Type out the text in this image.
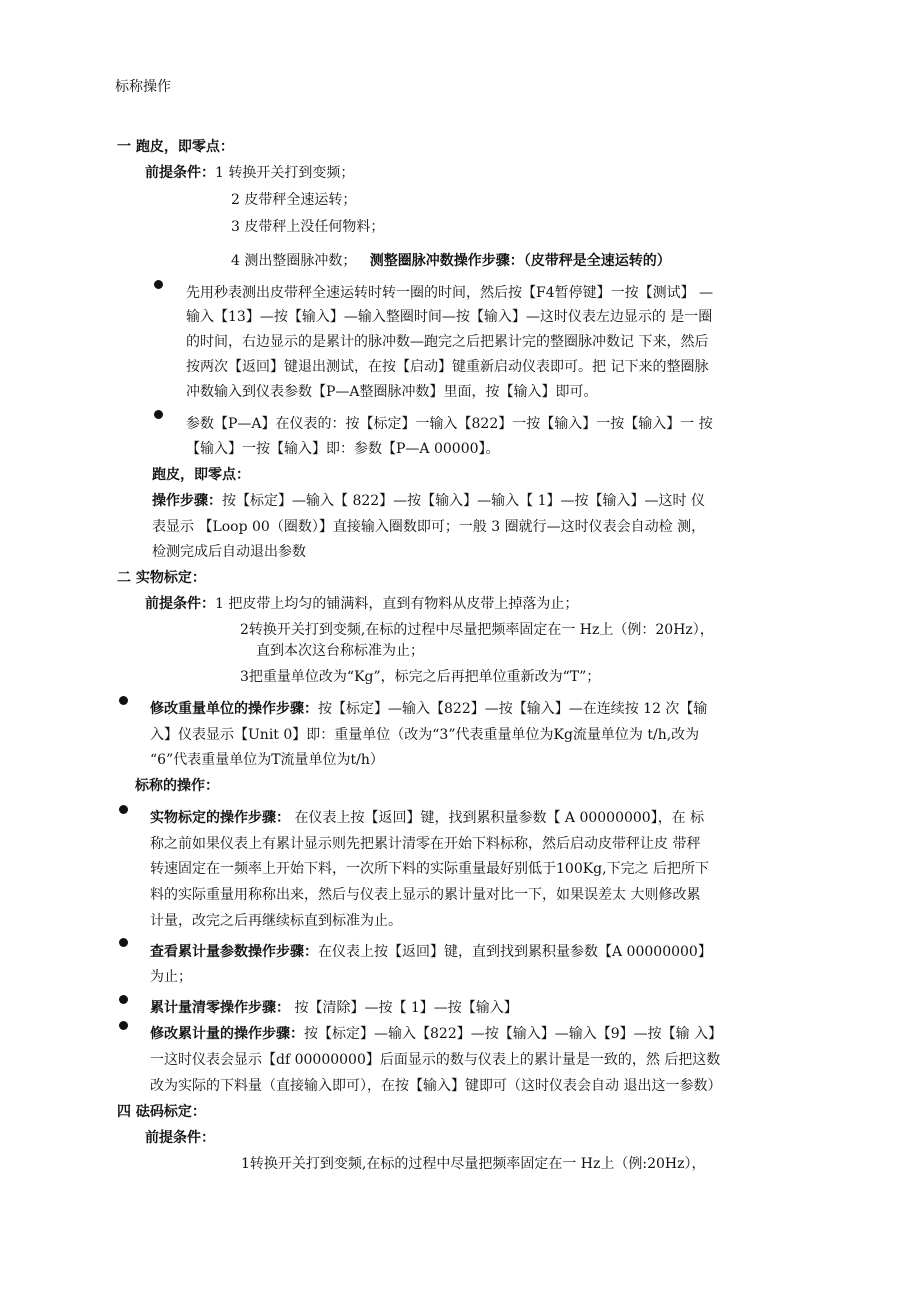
标称操作
一 跑皮，即零点：
前提条件：1 转换开关打到变频；
2 皮带秤全速运转；
3 皮带秤上没任何物料；
4 测出整圈脉冲数； 测整圈脉冲数操作步骤：（皮带秤是全速运转的）
先用秒表测出皮带秤全速运转时转一圈的时间，然后按【F4暂停键】一按【测试】 —
输入【13】—按【输入】—输入整圈时间—按【输入】—这时仪表左边显示的 是一圈
的时间，右边显示的是累计的脉冲数—跑完之后把累计完的整圈脉冲数记 下来，然后
按两次【返回】键退出测试，在按【启动】键重新启动仪表即可。把 记下来的整圈脉
冲数输入到仪表参数【P—A整圈脉冲数】里面，按【输入】即可。
参数【P—A】在仪表的：按【标定】一输入【822】一按【输入】一按【输入】一 按
【输入】一按【输入】即：参数【P—A 00000】。
跑皮，即零点：
操作步骤：按【标定】—输入【 822】—按【输入】—输入【 1】—按【输入】—这时 仪
表显示 【Loop 00（圈数）】直接输入圈数即可；一般 3 圈就行—这时仪表会自动检 测，
检测完成后自动退出参数
二 实物标定：
前提条件：1 把皮带上均匀的铺满料，直到有物料从皮带上掉落为止；
2转换开关打到变频,在标的过程中尽量把频率固定在一 Hz上（例：20Hz），
直到本次这台称标准为止；
3把重量单位改为“Kg”，标完之后再把单位重新改为“T”；
修改重量单位的操作步骤：按【标定】—输入【822】—按【输入】—在连续按 12 次【输
入】仪表显示【Unit 0】即：重量单位（改为“3”代表重量单位为Kg流量单位为 t/h,改为
“6”代表重量单位为T流量单位为t/h）
标称的操作：
实物标定的操作步骤： 在仪表上按【返回】键，找到累积量参数【 A 00000000】，在 标
称之前如果仪表上有累计显示则先把累计清零在开始下料标称，然后启动皮带秤让皮 带秤
转速固定在一频率上开始下料，一次所下料的实际重量最好别低于100Kg,下完之 后把所下
料的实际重量用称称出来，然后与仪表上显示的累计量对比一下，如果误差太 大则修改累
计量，改完之后再继续标直到标准为止。
查看累计量参数操作步骤：在仪表上按【返回】键，直到找到累积量参数【A 00000000】
为止；
累计量清零操作步骤： 按【清除】—按【 1】—按【输入】
修改累计量的操作步骤：按【标定】—输入【822】—按【输入】—输入【9】—按【输 入】
一这时仪表会显示【df 00000000】后面显示的数与仪表上的累计量是一致的，然 后把这数
改为实际的下料量（直接输入即可），在按【输入】键即可（这时仪表会自动 退出这一参数）
四 砝码标定：
前提条件：
1转换开关打到变频,在标的过程中尽量把频率固定在一 Hz上（例:20Hz），
